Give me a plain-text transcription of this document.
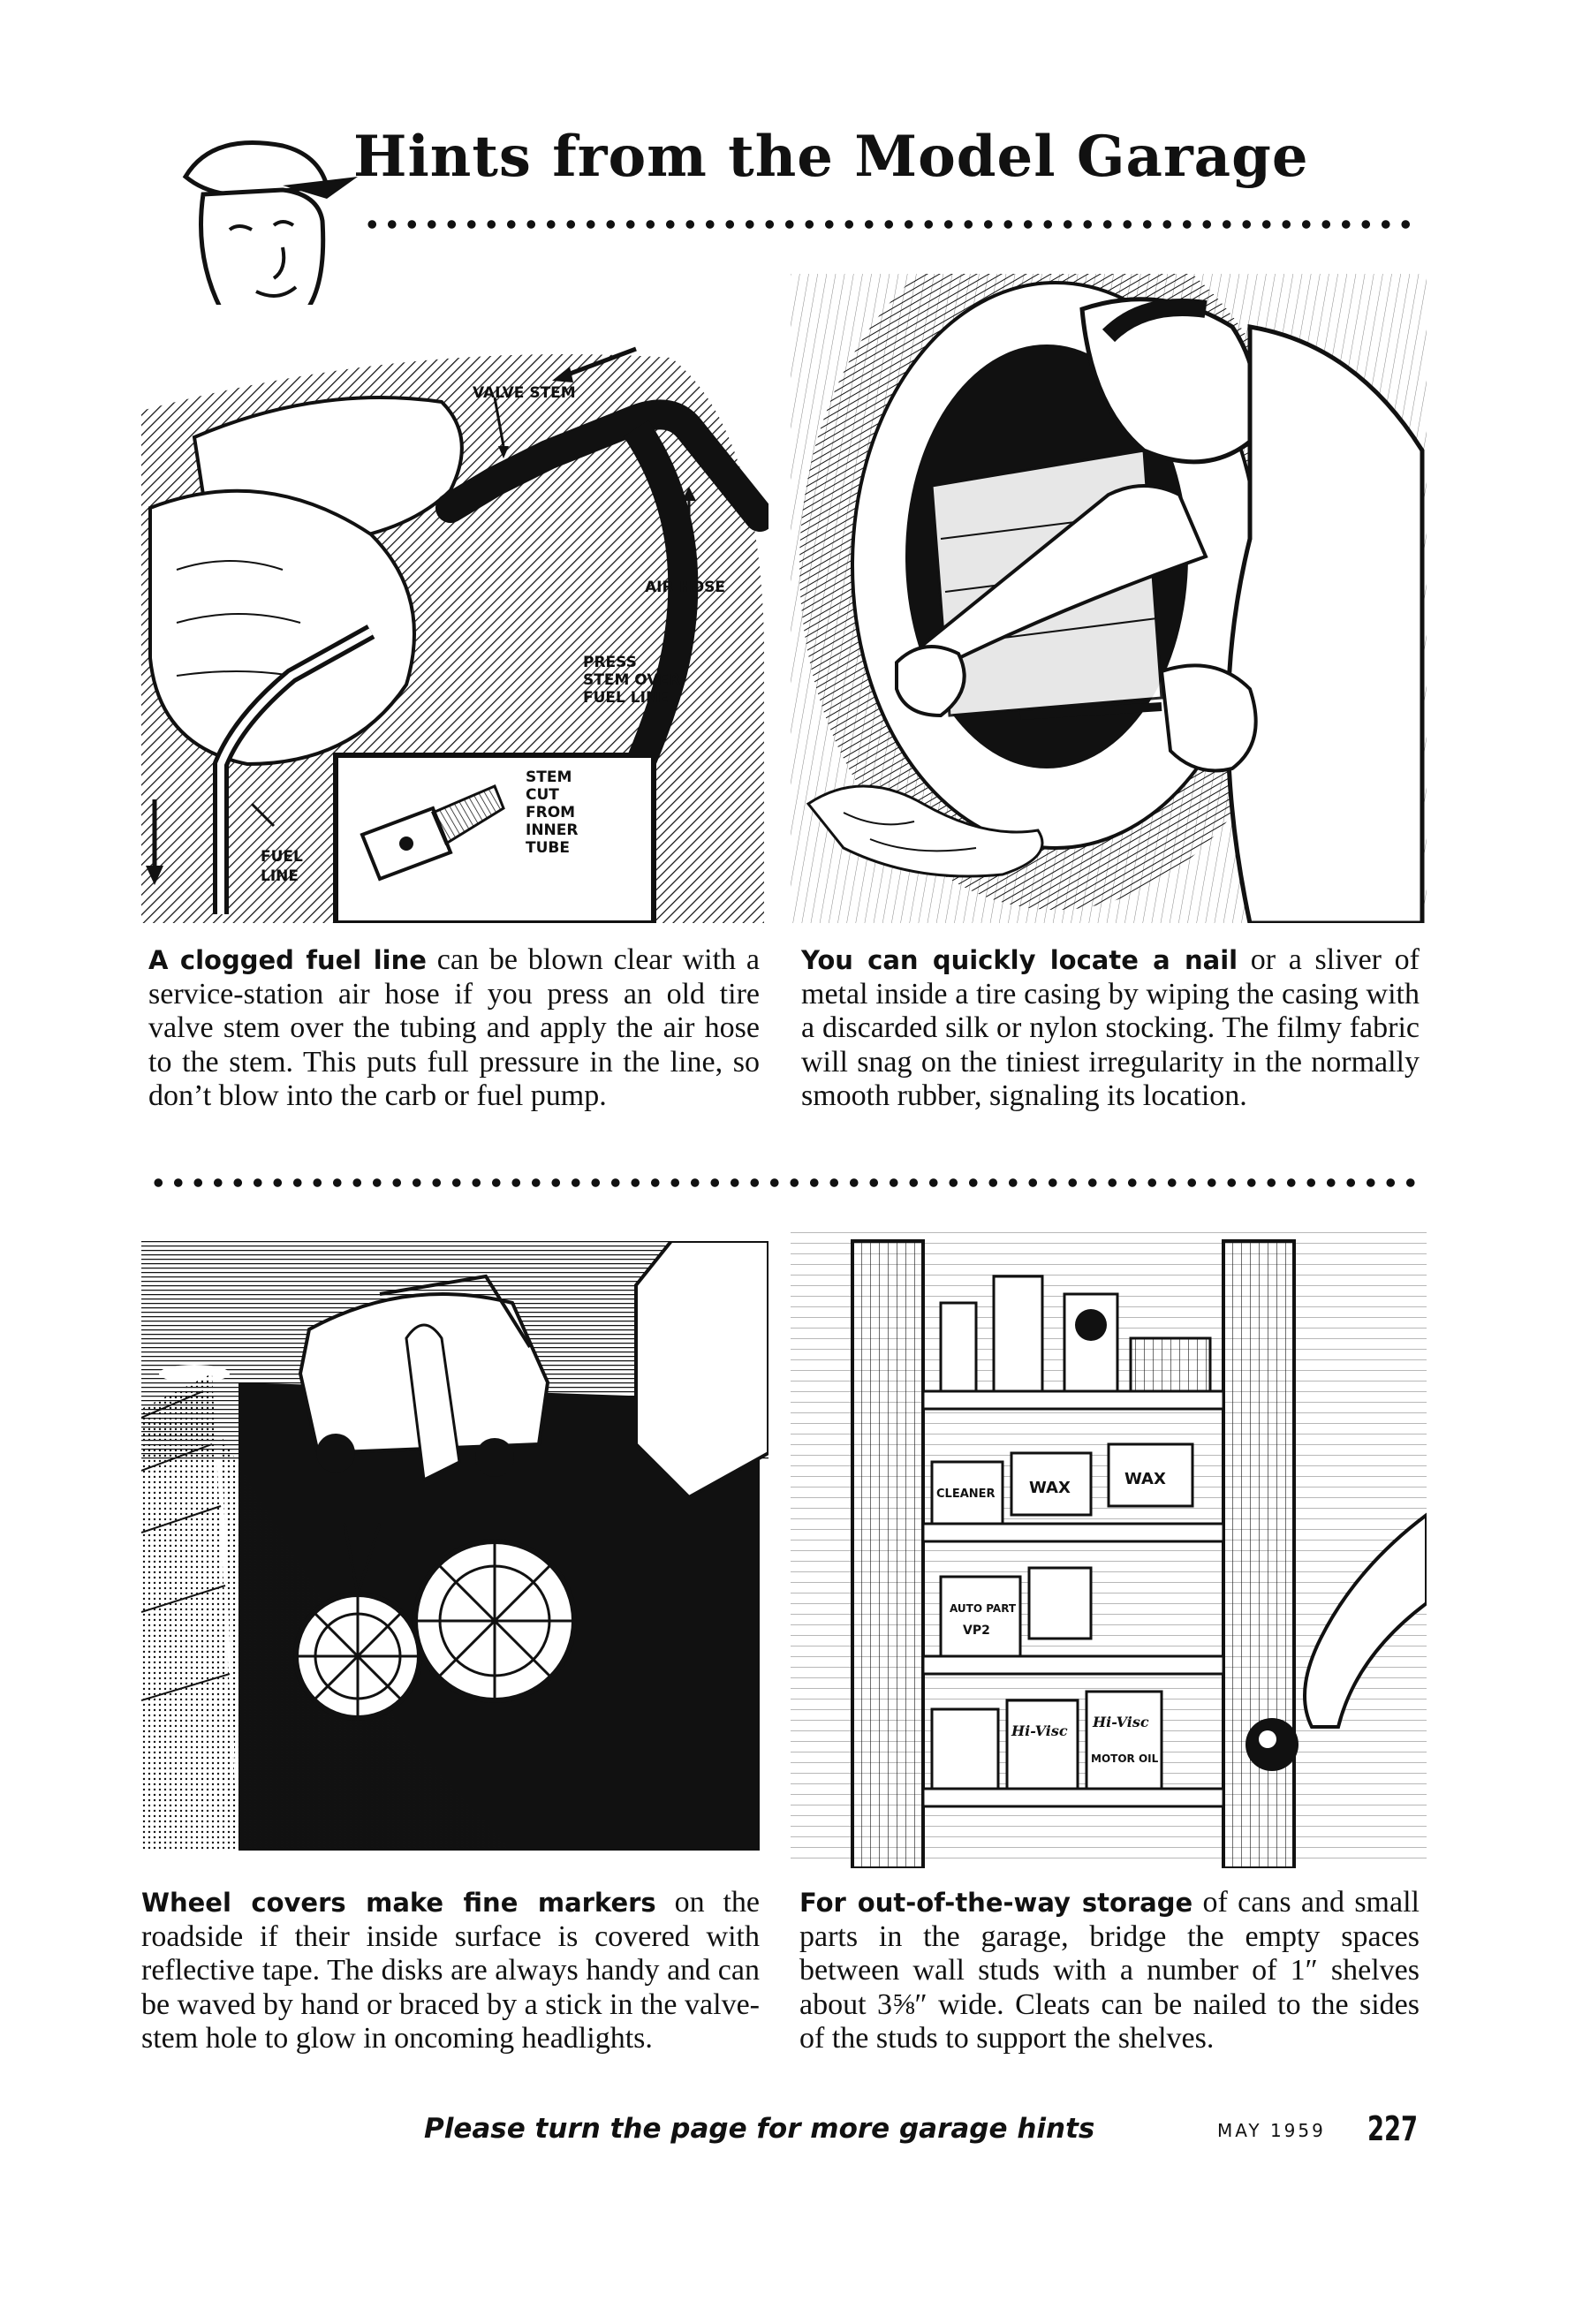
Hints from the Model Garage
VALVE STEM
AIR HOSE
PRESS
STEM OVER
FUEL LINE
STEM
CUT
FROM
INNER
TUBE
FUEL
LINE
A clogged fuel line can be blown clear with a service-station air hose if you press an old tire valve stem over the tubing and apply the air hose to the stem. This puts full pressure in the line, so don’t blow into the carb or fuel pump.
You can quickly locate a nail or a sliver of metal inside a tire casing by wiping the casing with a discarded silk or nylon stocking. The filmy fabric will snag on the tiniest irregularity in the normally smooth rubber, signaling its location.
WAX	WAX
CLEANER
AUTO PART
VP2
Hi-Visc
Hi-Visc
MOTOR OIL
Wheel covers make fine markers on the roadside if their inside surface is covered with reflective tape. The disks are always handy and can be waved by hand or braced by a stick in the valve-stem hole to glow in oncoming headlights.
For out-of-the-way storage of cans and small parts in the garage, bridge the empty spaces between wall studs with a number of 1″ shelves about 3⅝″ wide. Cleats can be nailed to the sides of the studs to support the shelves.
Please turn the page for more garage hints	MAY 1959 227
